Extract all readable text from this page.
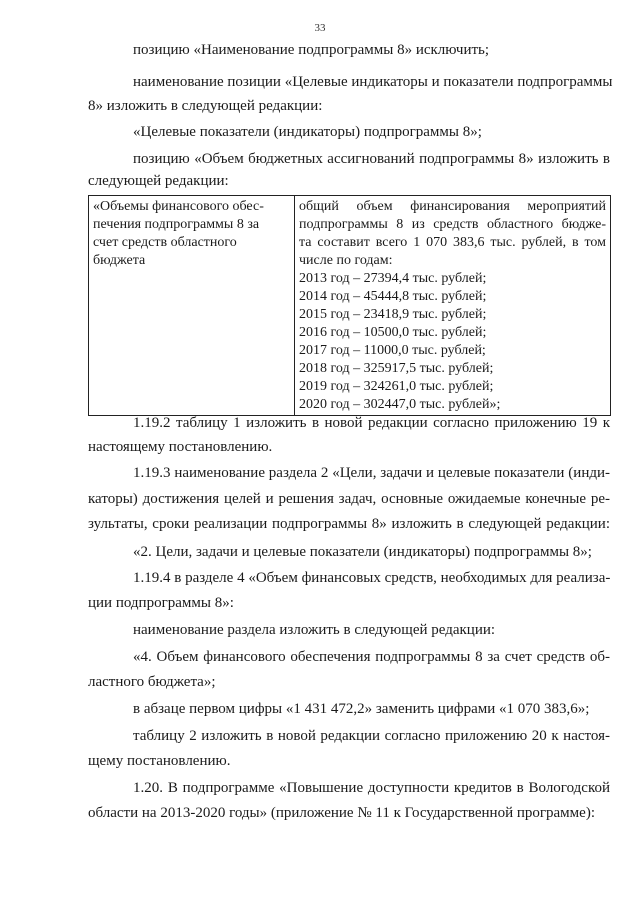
33
позицию «Наименование подпрограммы 8» исключить;
наименование позиции «Целевые индикаторы и показатели подпрограммы
8» изложить в следующей редакции:
«Целевые показатели (индикаторы) подпрограммы 8»;
позицию «Объем бюджетных ассигнований подпрограммы 8» изложить в
следующей редакции:
«Объемы финансового обес-
печения подпрограммы 8 за
счет средств областного
бюджета

общий объем финансирования мероприятий
подпрограммы 8 из средств областного бюдже-
та составит всего 1 070 383,6 тыс. рублей, в том
числе по годам:
2013 год – 27394,4 тыс. рублей;
2014 год – 45444,8 тыс. рублей;
2015 год – 23418,9 тыс. рублей;
2016 год – 10500,0 тыс. рублей;
2017 год – 11000,0 тыс. рублей;
2018 год – 325917,5 тыс. рублей;
2019 год – 324261,0 тыс. рублей;
2020 год – 302447,0 тыс. рублей»;
1.19.2 таблицу 1 изложить в новой редакции согласно приложению 19 к
настоящему постановлению.
1.19.3 наименование раздела 2 «Цели, задачи и целевые показатели (инди-
каторы) достижения целей и решения задач, основные ожидаемые конечные ре-
зультаты, сроки реализации подпрограммы 8» изложить в следующей редакции:
«2. Цели, задачи и целевые показатели (индикаторы) подпрограммы 8»;
1.19.4 в разделе 4 «Объем финансовых средств, необходимых для реализа-
ции подпрограммы 8»:
наименование раздела изложить в следующей редакции:
«4. Объем финансового обеспечения подпрограммы 8 за счет средств об-
ластного бюджета»;
в абзаце первом цифры «1 431 472,2» заменить цифрами «1 070 383,6»;
таблицу 2 изложить в новой редакции согласно приложению 20 к настоя-
щему постановлению.
1.20. В подпрограмме «Повышение доступности кредитов в Вологодской
области на 2013-2020 годы» (приложение № 11 к Государственной программе):
